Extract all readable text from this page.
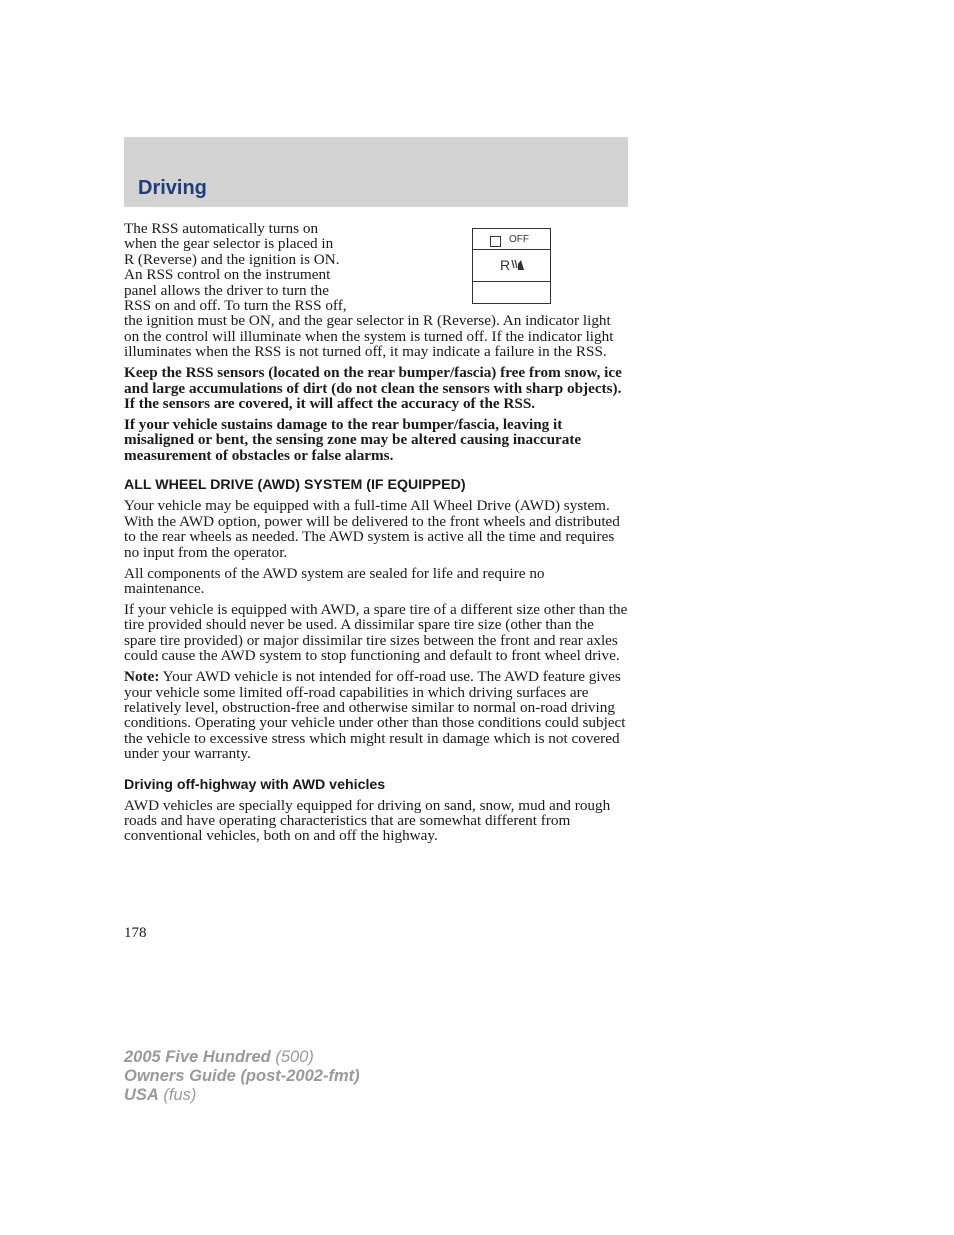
Driving
OFF
R
The RSS automatically turns on
when the gear selector is placed in
R (Reverse) and the ignition is ON.
An RSS control on the instrument
panel allows the driver to turn the
RSS on and off. To turn the RSS off,

the ignition must be ON, and the gear selector in R (Reverse). An indicator light on the control will illuminate when the system is turned off. If the indicator light illuminates when the RSS is not turned off, it may indicate a failure in the RSS.

Keep the RSS sensors (located on the rear bumper/fascia) free from snow, ice and large accumulations of dirt (do not clean the sensors with sharp objects). If the sensors are covered, it will affect the accuracy of the RSS.

If your vehicle sustains damage to the rear bumper/fascia, leaving it misaligned or bent, the sensing zone may be altered causing inaccurate measurement of obstacles or false alarms.

ALL WHEEL DRIVE (AWD) SYSTEM (IF EQUIPPED)

Your vehicle may be equipped with a full-time All Wheel Drive (AWD) system. With the AWD option, power will be delivered to the front wheels and distributed to the rear wheels as needed. The AWD system is active all the time and requires no input from the operator.

All components of the AWD system are sealed for life and require no maintenance.

If your vehicle is equipped with AWD, a spare tire of a different size other than the tire provided should never be used. A dissimilar spare tire size (other than the spare tire provided) or major dissimilar tire sizes between the front and rear axles could cause the AWD system to stop functioning and default to front wheel drive.

Note: Your AWD vehicle is not intended for off-road use. The AWD feature gives your vehicle some limited off-road capabilities in which driving surfaces are relatively level, obstruction-free and otherwise similar to normal on-road driving conditions. Operating your vehicle under other than those conditions could subject the vehicle to excessive stress which might result in damage which is not covered under your warranty.

Driving off-highway with AWD vehicles

AWD vehicles are specially equipped for driving on sand, snow, mud and rough roads and have operating characteristics that are somewhat different from conventional vehicles, both on and off the highway.

178
2005 Five Hundred (500)
Owners Guide (post-2002-fmt)
USA (fus)
